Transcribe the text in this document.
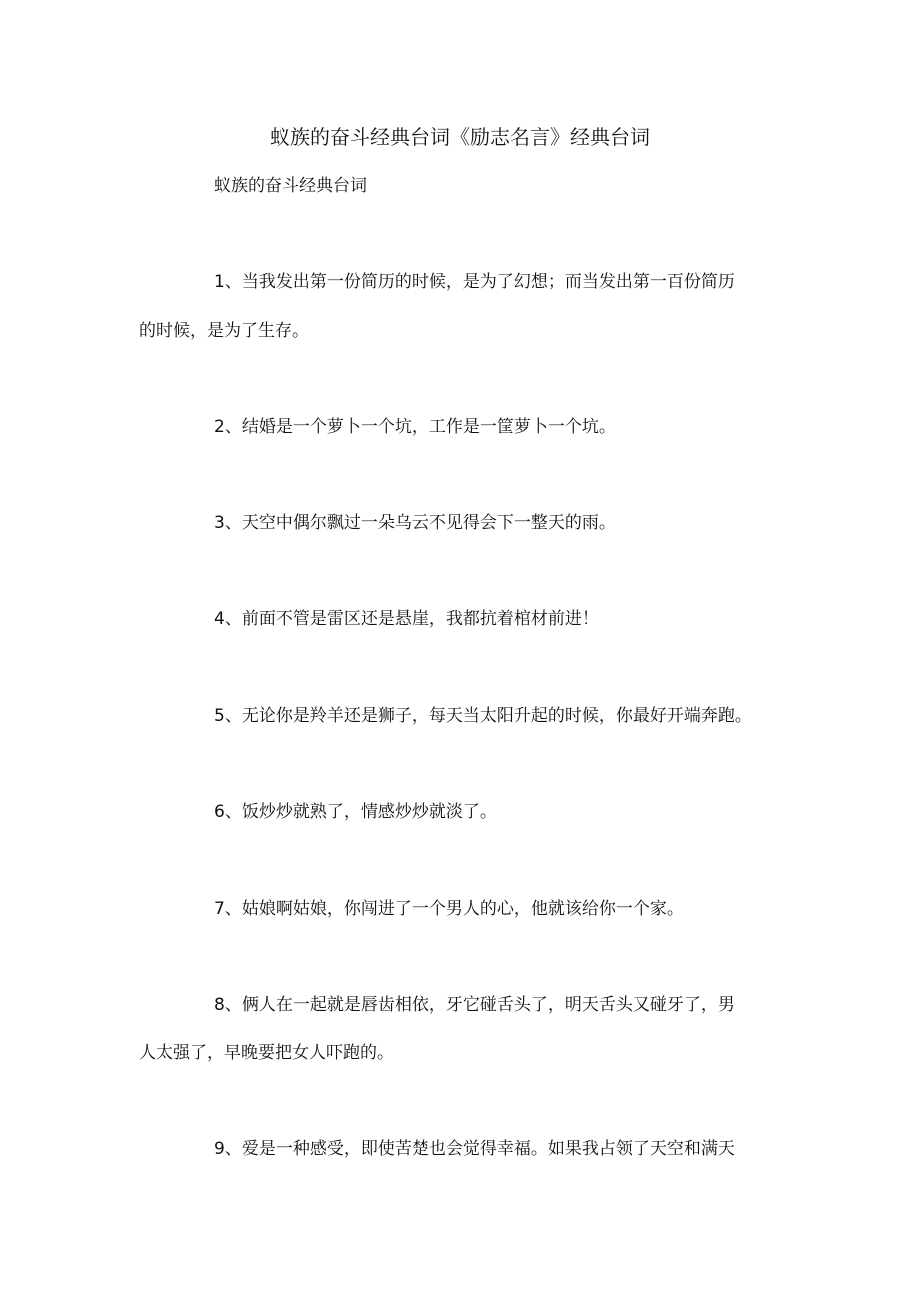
蚁族的奋斗经典台词《励志名言》经典台词
蚁族的奋斗经典台词
1、当我发出第一份简历的时候，是为了幻想；而当发出第一百份简历
的时候，是为了生存。
2、结婚是一个萝卜一个坑，工作是一筐萝卜一个坑。
3、天空中偶尔飘过一朵乌云不见得会下一整天的雨。
4、前面不管是雷区还是悬崖，我都抗着棺材前进！
5、无论你是羚羊还是狮子，每天当太阳升起的时候，你最好开端奔跑。
6、饭炒炒就熟了，情感炒炒就淡了。
7、姑娘啊姑娘，你闯进了一个男人的心，他就该给你一个家。
8、俩人在一起就是唇齿相依，牙它碰舌头了，明天舌头又碰牙了，男
人太强了，早晚要把女人吓跑的。
9、爱是一种感受，即使苦楚也会觉得幸福。如果我占领了天空和满天
